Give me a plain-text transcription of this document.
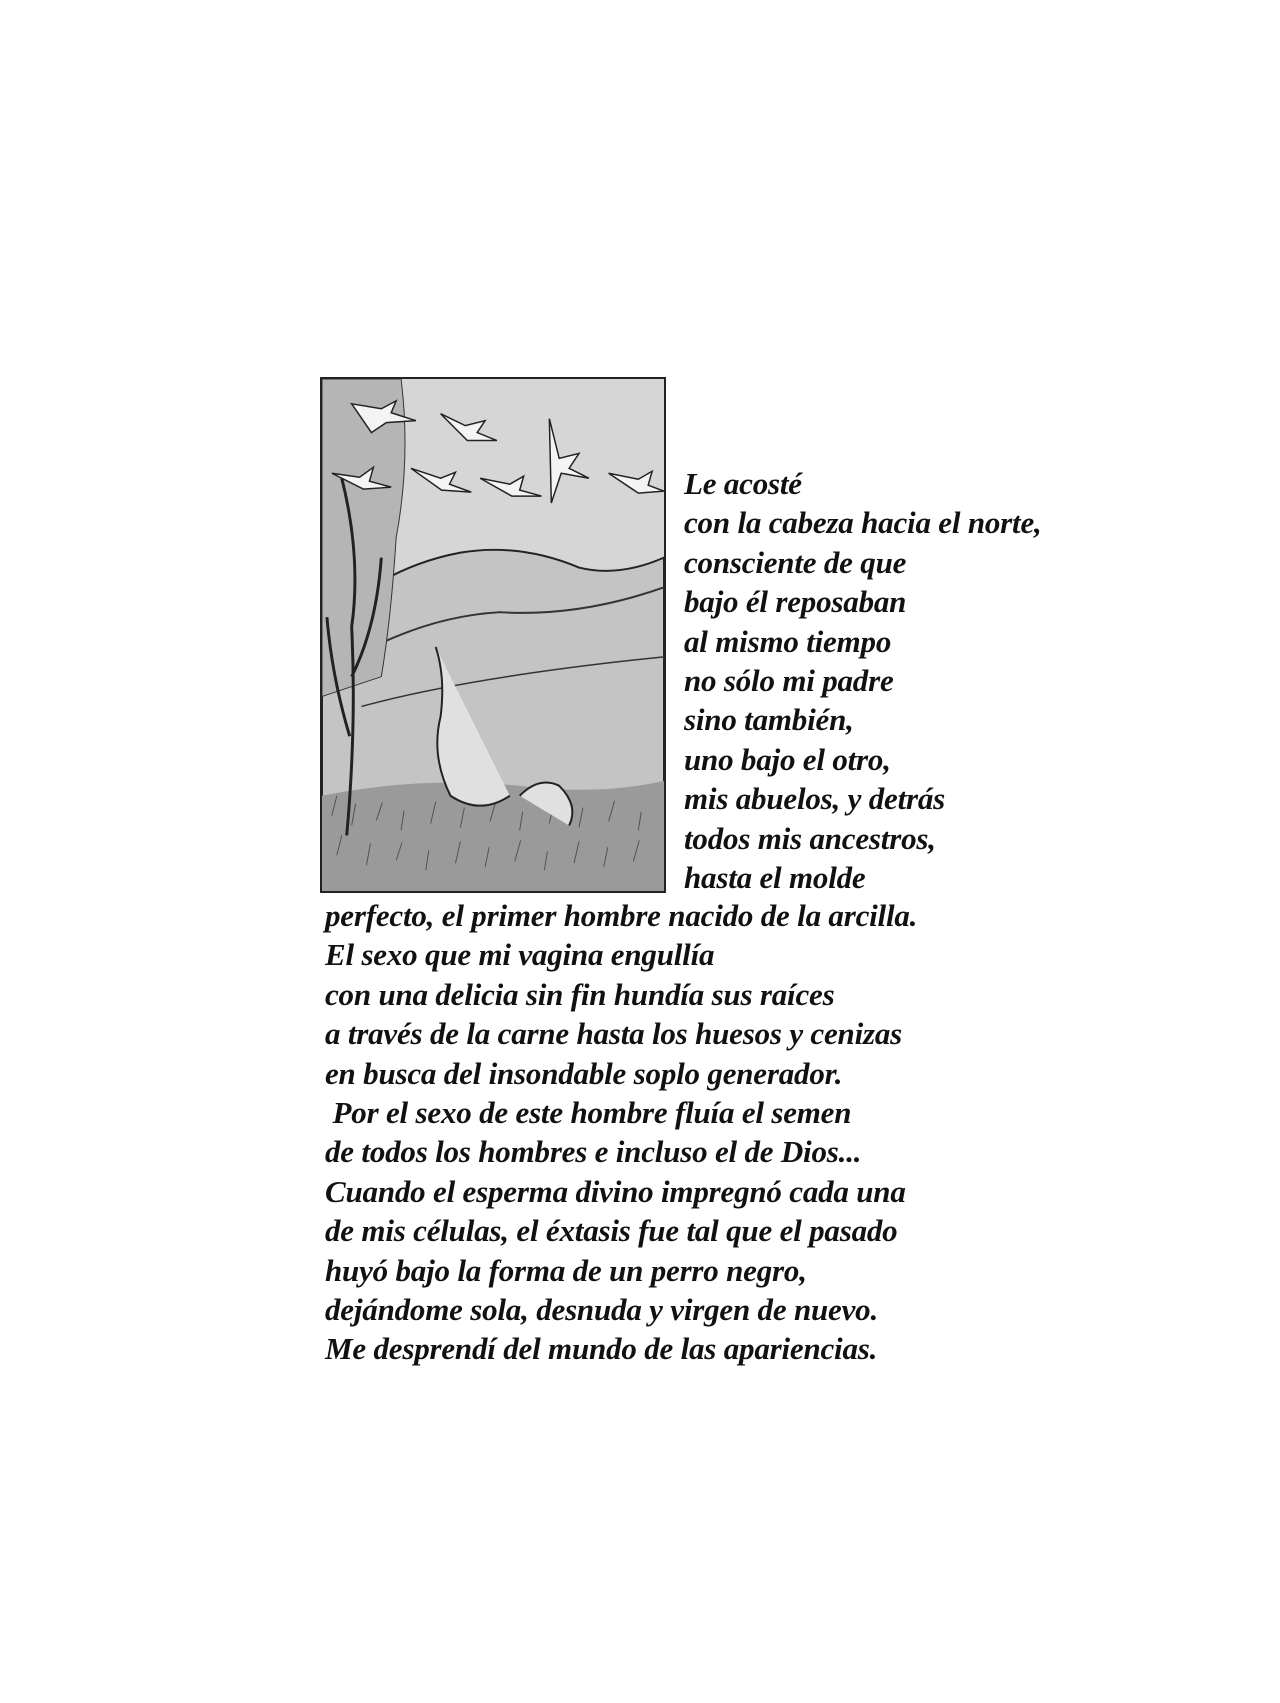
Le acosté
con la cabeza hacia el norte,
consciente de que
bajo él reposaban
al mismo tiempo
no sólo mi padre
sino también,
uno bajo el otro,
mis abuelos, y detrás
todos mis ancestros,
hasta el molde
perfecto, el primer hombre nacido de la arcilla.
El sexo que mi vagina engullía
con una delicia sin fin hundía sus raíces
a través de la carne hasta los huesos y cenizas
en busca del insondable soplo generador.
Por el sexo de este hombre fluía el semen
de todos los hombres e incluso el de Dios...
Cuando el esperma divino impregnó cada una
de mis células, el éxtasis fue tal que el pasado
huyó bajo la forma de un perro negro,
dejándome sola, desnuda y virgen de nuevo.
Me desprendí del mundo de las apariencias.
